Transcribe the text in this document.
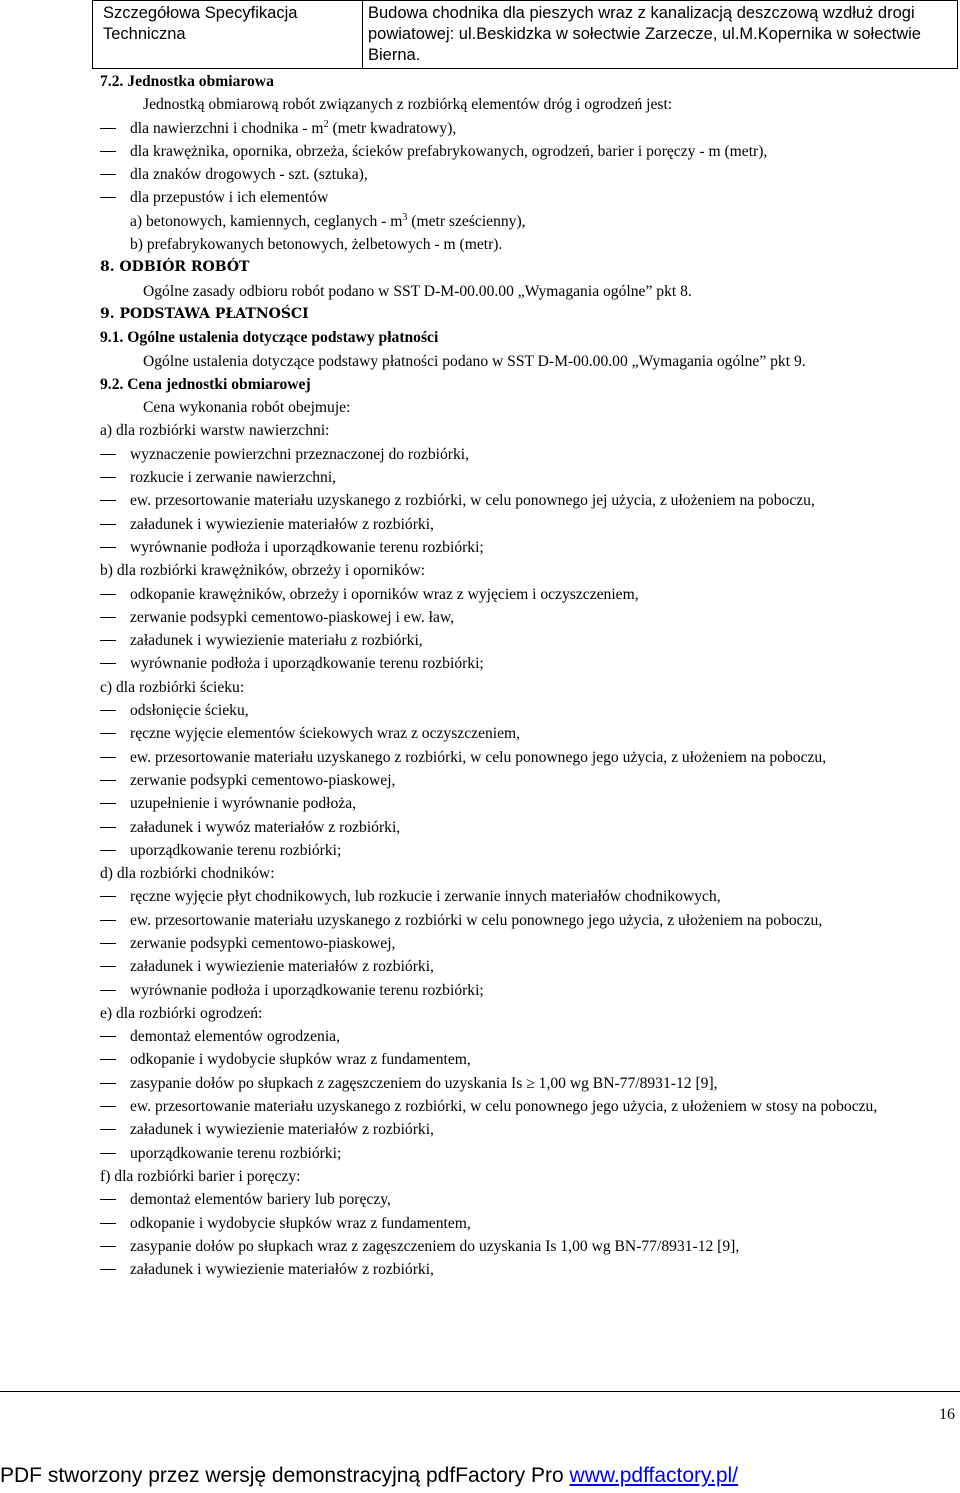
Szczegółowa Specyfikacja Techniczna
Budowa chodnika dla pieszych wraz z kanalizacją deszczową wzdłuż drogi powiatowej: ul.Beskidzka w sołectwie Zarzecze, ul.M.Kopernika w sołectwie Bierna.
7.2. Jednostka obmiarowa
Jednostką obmiarową robót związanych z rozbiórką elementów dróg i ogrodzeń jest:
dla nawierzchni i chodnika - $m^2$ (metr kwadratowy),
dla krawężnika, opornika, obrzeża, ścieków prefabrykowanych, ogrodzeń, barier i poręczy - m (metr),
dla znaków drogowych - szt. (sztuka),
dla przepustów i ich elementów
a) betonowych, kamiennych, ceglanych - $m^3$ (metr sześcienny),
b) prefabrykowanych betonowych, żelbetowych - m (metr).
8. ODBIÓR ROBÓT
Ogólne zasady odbioru robót podano w SST D-M-00.00.00 „Wymagania ogólne” pkt 8.
9. PODSTAWA PŁATNOŚCI
9.1. Ogólne ustalenia dotyczące podstawy płatności
Ogólne ustalenia dotyczące podstawy płatności podano w SST D-M-00.00.00 „Wymagania ogólne” pkt 9.
9.2. Cena jednostki obmiarowej
Cena wykonania robót obejmuje:
a) dla rozbiórki warstw nawierzchni:
wyznaczenie powierzchni przeznaczonej do rozbiórki,
rozkucie i zerwanie nawierzchni,
ew. przesortowanie materiału uzyskanego z rozbiórki, w celu ponownego jej użycia, z ułożeniem na poboczu,
załadunek i wywiezienie materiałów z rozbiórki,
wyrównanie podłoża i uporządkowanie terenu rozbiórki;
b) dla rozbiórki krawężników, obrzeży i oporników:
odkopanie krawężników, obrzeży i oporników wraz z wyjęciem i oczyszczeniem,
zerwanie podsypki cementowo-piaskowej i ew. ław,
załadunek i wywiezienie materiału z rozbiórki,
wyrównanie podłoża i uporządkowanie terenu rozbiórki;
c) dla rozbiórki ścieku:
odsłonięcie ścieku,
ręczne wyjęcie elementów ściekowych wraz z oczyszczeniem,
ew. przesortowanie materiału uzyskanego z rozbiórki, w celu ponownego jego użycia, z ułożeniem na poboczu,
zerwanie podsypki cementowo-piaskowej,
uzupełnienie i wyrównanie podłoża,
załadunek i wywóz materiałów z rozbiórki,
uporządkowanie terenu rozbiórki;
d) dla rozbiórki chodników:
ręczne wyjęcie płyt chodnikowych, lub rozkucie i zerwanie innych materiałów chodnikowych,
ew. przesortowanie materiału uzyskanego z rozbiórki w celu ponownego jego użycia, z ułożeniem na poboczu,
zerwanie podsypki cementowo-piaskowej,
załadunek i wywiezienie materiałów z rozbiórki,
wyrównanie podłoża i uporządkowanie terenu rozbiórki;
e) dla rozbiórki ogrodzeń:
demontaż elementów ogrodzenia,
odkopanie i wydobycie słupków wraz z fundamentem,
zasypanie dołów po słupkach z zagęszczeniem do uzyskania Is ≥ 1,00 wg BN-77/8931-12 [9],
ew. przesortowanie materiału uzyskanego z rozbiórki, w celu ponownego jego użycia, z ułożeniem w stosy na poboczu,
załadunek i wywiezienie materiałów z rozbiórki,
uporządkowanie terenu rozbiórki;
f) dla rozbiórki barier i poręczy:
demontaż elementów bariery lub poręczy,
odkopanie i wydobycie słupków wraz z fundamentem,
zasypanie dołów po słupkach wraz z zagęszczeniem do uzyskania Is 1,00 wg BN-77/8931-12 [9],
załadunek i wywiezienie materiałów z rozbiórki,
16
PDF stworzony przez wersję demonstracyjną pdfFactory Pro www.pdffactory.pl/
